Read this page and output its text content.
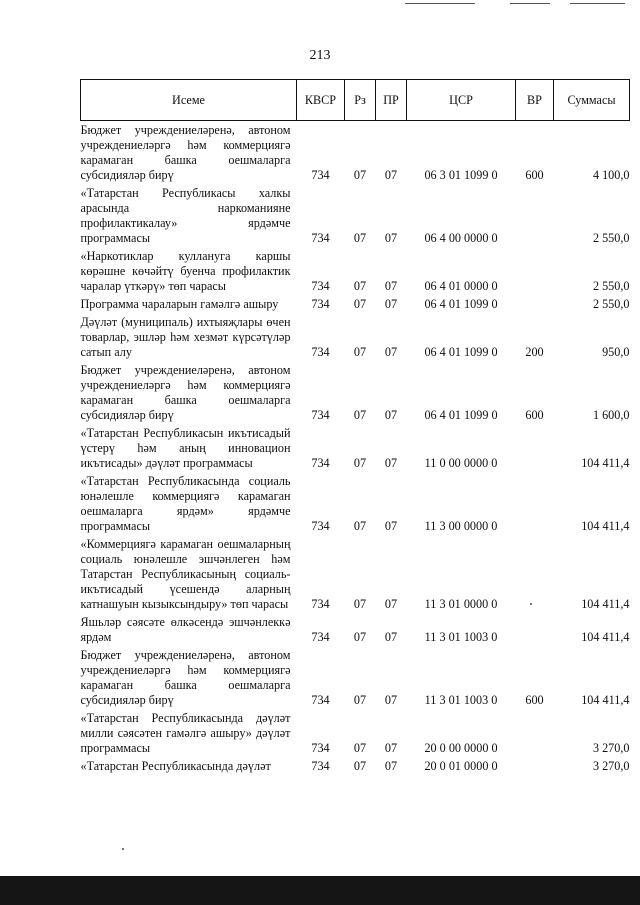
213
Исеме	КВСР	Рз	ПР	ЦСР	ВР	Суммасы
Бюджет учреждениеләренә, автоном учреждениеләргә һәм коммерциягә карамаган башка оешмаларга субсидияләр бирү	734	07	07	06 3 01 1099 0	600	4 100,0
«Татарстан Республикасы халкы арасында наркоманияне профилактикалау» ярдәмче программасы	734	07	07	06 4 00 0000 0		2 550,0
«Наркотиклар куллануга каршы көрәшне көчәйтү буенча профилактик чаралар үткәрү» төп чарасы	734	07	07	06 4 01 0000 0		2 550,0
Программа чараларын гамәлгә ашыру	734	07	07	06 4 01 1099 0		2 550,0
Дәүләт (муниципаль) ихтыяҗлары өчен товарлар, эшләр һәм хезмәт күрсәтүләр сатып алу	734	07	07	06 4 01 1099 0	200	950,0
Бюджет учреждениеләренә, автоном учреждениеләргә һәм коммерциягә карамаган башка оешмаларга субсидияләр бирү	734	07	07	06 4 01 1099 0	600	1 600,0
«Татарстан Республикасын икътисадый үстерү һәм аның инновацион икътисады» дәүләт программасы	734	07	07	11 0 00 0000 0		104 411,4
«Татарстан Республикасында социаль юнәлешле коммерциягә карамаган оешмаларга ярдәм» ярдәмче программасы	734	07	07	11 3 00 0000 0		104 411,4
«Коммерциягә карамаган оешмаларның социаль юнәлешле эшчәнлеген һәм Татарстан Республикасының социаль-икътисадый үсешендә аларның катнашуын кызыксындыру» төп чарасы	734	07	07	11 3 01 0000 0		104 411,4
Яшьләр сәясәте өлкәсендә эшчәнлеккә ярдәм	734	07	07	11 3 01 1003 0		104 411,4
Бюджет учреждениеләренә, автоном учреждениеләргә һәм коммерциягә карамаган башка оешмаларга субсидияләр бирү	734	07	07	11 3 01 1003 0	600	104 411,4
«Татарстан Республикасында дәүләт милли сәясәтен гамәлгә ашыру» дәүләт программасы	734	07	07	20 0 00 0000 0		3 270,0
«Татарстан Республикасында дәүләт	734	07	07	20 0 01 0000 0		3 270,0
